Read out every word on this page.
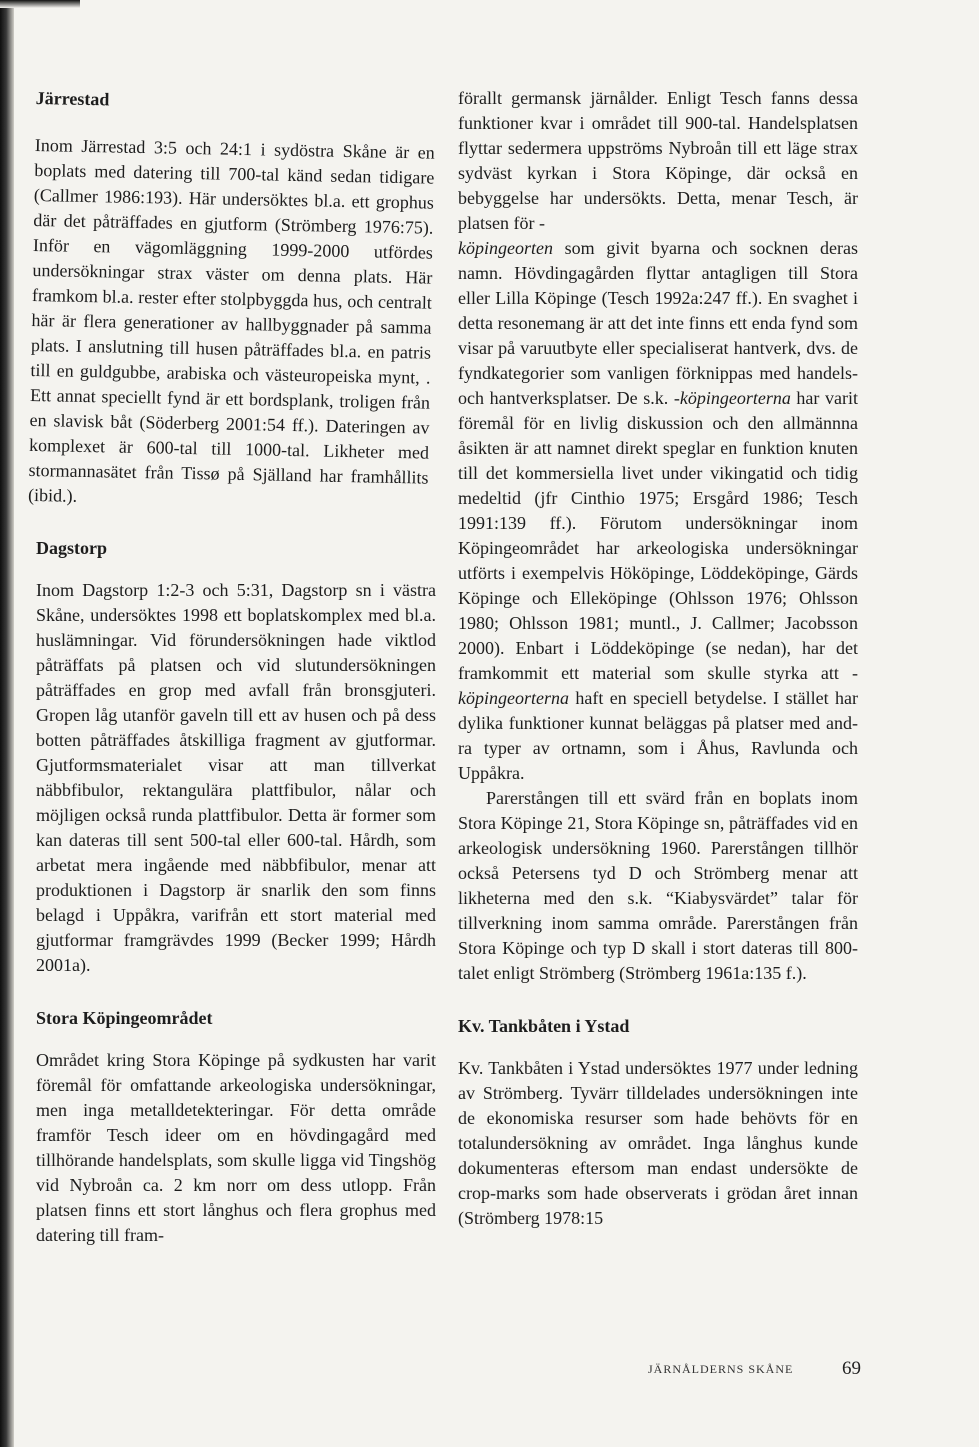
Järrestad

Inom Järrestad 3:5 och 24:1 i sydöstra Skåne är en boplats med datering till 700-tal känd sedan tidigare (Callmer 1986:193). Här undersöktes bl.a. ett grophus där det påträffades en gjutform (Strömberg 1976:75). Inför en vägomläggning 1999-2000 utfördes undersökningar strax väster om denna plats. Här framkom bl.a. rester efter stolpbyggda hus, och centralt här är flera generationer av hallbyggnader på samma plats. I anslutning till husen påträffades bl.a. en patris till en guldgubbe, arabiska och västeuropeiska mynt, . Ett annat speciellt fynd är ett bordsplank, troligen från en slavisk båt (Söderberg 2001:54 ff.). Dateringen av komplexet är 600-tal till 1000-tal. Likheter med stormannasätet från Tissø på Själland har framhållits (ibid.).

Dagstorp

Inom Dagstorp 1:2-3 och 5:31, Dagstorp sn i västra Skåne, undersöktes 1998 ett boplatskomplex med bl.a. huslämningar. Vid förundersökningen hade viktlod påträffats på platsen och vid slutundersökningen påträffades en grop med avfall från bronsgjuteri. Gropen låg utanför gaveln till ett av husen och på dess botten påträffades åtskilliga fragment av gjutformar. Gjutformsmaterialet visar att man tillverkat näbbfibulor, rektangulära plattfibulor, nålar och möjligen också runda plattfibulor. Detta är former som kan dateras till sent 500-tal eller 600-tal. Hårdh, som arbetat mera ingående med näbbfibulor, menar att produktionen i Dagstorp är snarlik den som finns belagd i Uppåkra, varifrån ett stort material med gjutformar framgrävdes 1999 (Becker 1999; Hårdh 2001a).

Stora Köpingeområdet

Området kring Stora Köpinge på sydkusten har varit föremål för omfattande arkeologiska undersökningar, men inga metalldetekteringar. För detta område framför Tesch ideer om en hövdingagård med tillhörande handelsplats, som skulle ligga vid Tingshög vid Nybroån ca. 2 km norr om dess utlopp. Från platsen finns ett stort långhus och flera grophus med datering till fram-

förallt germansk järnålder. Enligt Tesch fanns dessa funktioner kvar i området till 900-tal. Handelsplatsen flyttar sedermera uppströms Nybroån till ett läge strax sydväst kyrkan i Stora Köpinge, där också en bebyggelse har undersökts. Detta, menar Tesch, är platsen för -
köpingeorten som givit byarna och socknen deras namn. Hövdingagården flyttar antagligen till Stora eller Lilla Köpinge (Tesch 1992a:247 ff.). En svaghet i detta resonemang är att det inte finns ett enda fynd som visar på varuutbyte eller specialiserat hantverk, dvs. de fyndkategorier som vanligen förknippas med handels- och hantverksplatser. De s.k. -köpingeorterna har varit föremål för en livlig diskussion och den allmännna åsikten är att namnet direkt speglar en funktion knuten till det kommersiella livet under vikingatid och tidig medeltid (jfr Cinthio 1975; Ersgård 1986; Tesch 1991:139 ff.). Förutom undersökningar inom Köpingeområdet har arkeologiska undersökningar utförts i exempelvis Hököpinge, Löddeköpinge, Gärds Köpinge och Elleköpinge (Ohlsson 1976; Ohlsson 1980; Ohlsson 1981; muntl., J. Callmer; Jacobsson 2000). Enbart i Löddeköpinge (se nedan), har det framkommit ett material som skulle styrka att -köpingeorterna haft en speciell betydelse. I stället har dylika funktioner kunnat beläggas på platser med and-ra typer av ortnamn, som i Åhus, Ravlunda och Uppåkra.

Parerstången till ett svärd från en boplats inom Stora Köpinge 21, Stora Köpinge sn, påträffades vid en arkeologisk undersökning 1960. Parerstången tillhör också Petersens tyd D och Strömberg menar att likheterna med den s.k. “Kiabysvärdet” talar för tillverkning inom samma område. Parerstången från Stora Köpinge och typ D skall i stort dateras till 800-talet enligt Strömberg (Strömberg 1961a:135 f.).

Kv. Tankbåten i Ystad

Kv. Tankbåten i Ystad undersöktes 1977 under ledning av Strömberg. Tyvärr tilldelades undersökningen inte de ekonomiska resurser som hade behövts för en totalundersökning av området. Inga långhus kunde dokumenteras eftersom man endast undersökte de crop-marks som hade observerats i grödan året innan (Strömberg 1978:15

JÄRNÅLDERNS SKÅNE	69
